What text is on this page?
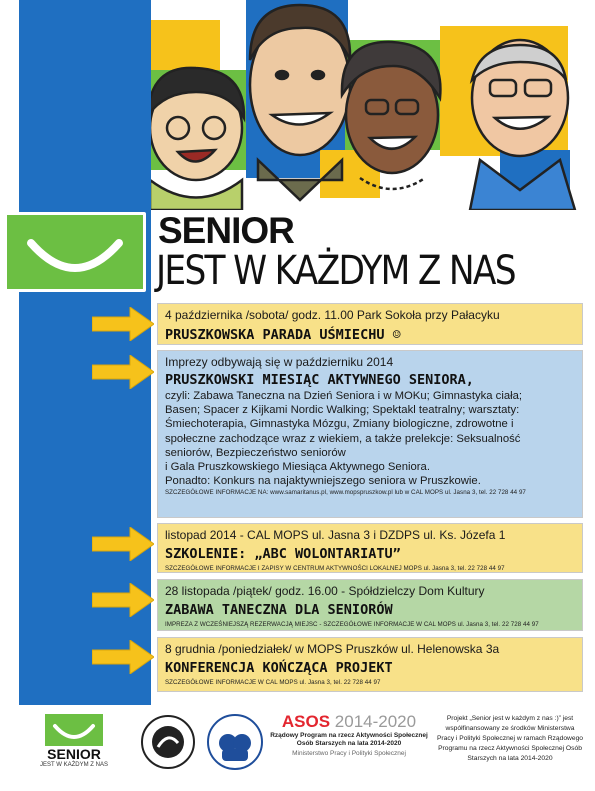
SENIOR
JEST W KAŻDYM Z NAS
4 października /sobota/ godz. 11.00 Park Sokoła przy Pałacyku
PRUSZKOWSKA PARADA UŚMIECHU ☺
Imprezy odbywają się w październiku 2014
PRUSZKOWSKI MIESIĄC AKTYWNEGO SENIORA,
czyli: Zabawa Taneczna na Dzień Seniora i w MOKu; Gimnastyka ciała;
Basen; Spacer z Kijkami Nordic Walking; Spektakl teatralny; warsztaty:
Śmiechoterapia, Gimnastyka Mózgu, Zmiany biologiczne, zdrowotne i
społeczne zachodzące wraz z wiekiem, a także prelekcje: Seksualność
seniorów, Bezpieczeństwo seniorów
i Gala Pruszkowskiego Miesiąca Aktywnego Seniora.
Ponadto: Konkurs na najaktywniejszego seniora w Pruszkowie.
SZCZEGÓŁOWE INFORMACJE NA: www.samaritanus.pl, www.mopspruszkow.pl lub w CAL MOPS ul. Jasna 3, tel. 22 728 44 97
listopad 2014 - CAL MOPS ul. Jasna 3 i DZDPS ul. Ks. Józefa 1
SZKOLENIE: „ABC WOLONTARIATU”
SZCZEGÓŁOWE INFORMACJE I ZAPISY W CENTRUM AKTYWNOŚCI LOKALNEJ MOPS ul. Jasna 3, tel. 22 728 44 97
28 listopada /piątek/ godz. 16.00 - Spółdzielczy Dom Kultury
ZABAWA TANECZNA DLA SENIORÓW
IMPREZA Z WCZEŚNIEJSZĄ REZERWACJĄ MIEJSC - SZCZEGÓŁOWE INFORMACJE W CAL MOPS ul. Jasna 3, tel. 22 728 44 97
8 grudnia /poniedziałek/ w MOPS Pruszków ul. Helenowska 3a
KONFERENCJA KOŃCZĄCA PROJEKT
SZCZEGÓŁOWE INFORMACJE W CAL MOPS ul. Jasna 3, tel. 22 728 44 97
SENIOR
JEST W KAŻDYM Z NAS
ASOS 2014-2020
Rządowy Program na rzecz Aktywności Społecznej
Osób Starszych na lata 2014-2020
Ministerstwo Pracy i Polityki Społecznej
Projekt „Senior jest w każdym z nas :)” jest
współfinansowany ze środków Ministerstwa
Pracy i Polityki Społecznej w ramach Rządowego
Programu na rzecz Aktywności Społecznej Osób
Starszych na lata 2014-2020
